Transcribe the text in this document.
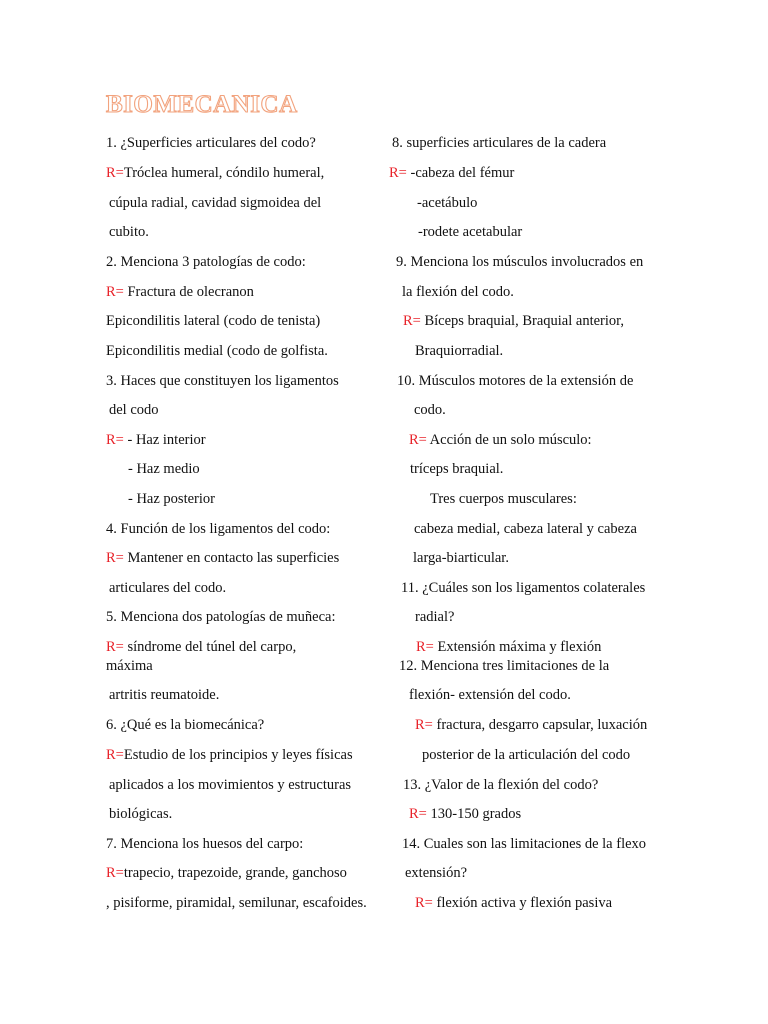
BIOMECANICA
1. ¿Superficies articulares del codo?
R=Tróclea humeral, cóndilo humeral,
cúpula radial, cavidad sigmoidea del
cubito.
2. Menciona 3 patologías de codo:
R= Fractura de olecranon
Epicondilitis lateral (codo de tenista)
Epicondilitis medial (codo de golfista.
3. Haces que constituyen los ligamentos
del codo
R= - Haz interior
- Haz medio
- Haz posterior
4. Función de los ligamentos del codo:
R= Mantener en contacto las superficies
articulares del codo.
5. Menciona dos patologías de muñeca:
R= síndrome del túnel del carpo,
máxima
artritis reumatoide.
6. ¿Qué es la biomecánica?
R=Estudio de los principios y leyes físicas
aplicados a los movimientos y estructuras
biológicas.
7. Menciona los huesos del carpo:
R=trapecio, trapezoide, grande, ganchoso
, pisiforme, piramidal, semilunar, escafoides.
8. superficies articulares de la cadera
R= -cabeza del fémur
-acetábulo
-rodete acetabular
9. Menciona los músculos involucrados en
la flexión del codo.
R= Bíceps braquial, Braquial anterior,
Braquiorradial.
10. Músculos motores de la extensión de
codo.
R= Acción de un solo músculo:
tríceps braquial.
Tres cuerpos musculares:
cabeza medial, cabeza lateral y cabeza
larga-biarticular.
11. ¿Cuáles son los ligamentos colaterales
radial?
R= Extensión máxima y flexión
12. Menciona tres limitaciones de la
flexión- extensión del codo.
R= fractura, desgarro capsular, luxación
posterior de la articulación del codo
13. ¿Valor de la flexión del codo?
R= 130-150 grados
14. Cuales son las limitaciones de la flexo
extensión?
R= flexión activa y flexión pasiva
